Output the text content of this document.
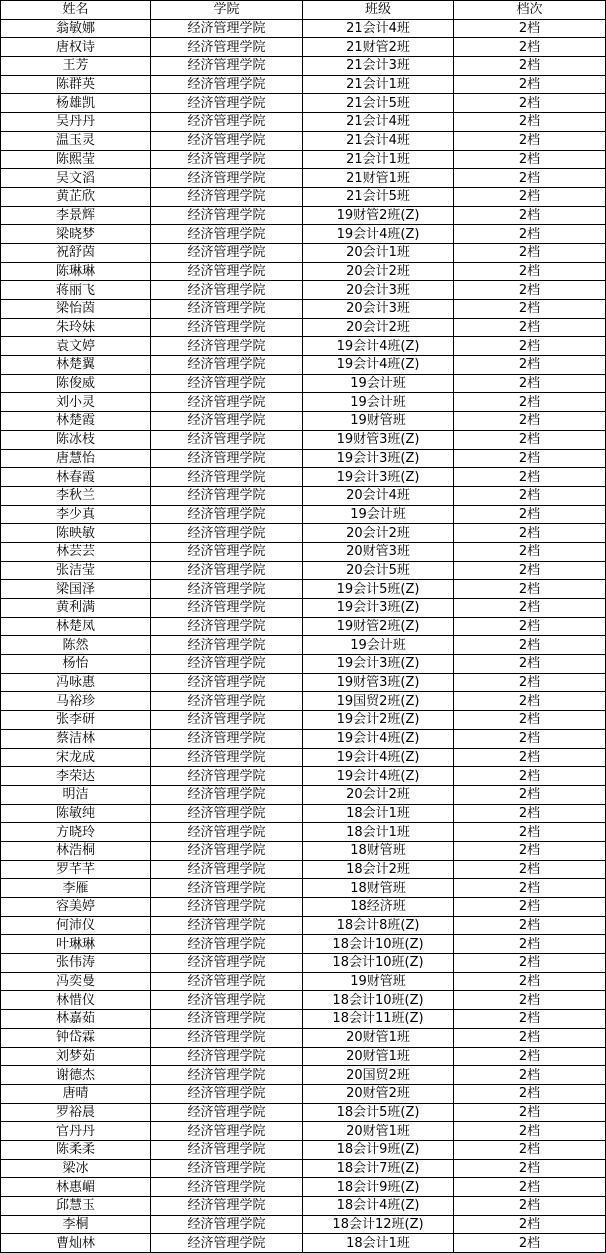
姓名	学院	班级	档次
翁敏娜	经济管理学院	21会计4班	2档
唐权诗	经济管理学院	21财管2班	2档
王芳	经济管理学院	21会计3班	2档
陈群英	经济管理学院	21会计1班	2档
杨雄凯	经济管理学院	21会计5班	2档
吴丹丹	经济管理学院	21会计4班	2档
温玉灵	经济管理学院	21会计4班	2档
陈熙莹	经济管理学院	21会计1班	2档
吴文滔	经济管理学院	21财管1班	2档
黄芷欣	经济管理学院	21会计5班	2档
李景辉	经济管理学院	19财管2班(Z)	2档
梁晓梦	经济管理学院	19会计4班(Z)	2档
祝舒茵	经济管理学院	20会计1班	2档
陈琳琳	经济管理学院	20会计2班	2档
蒋丽飞	经济管理学院	20会计3班	2档
梁怡茵	经济管理学院	20会计3班	2档
朱玲妹	经济管理学院	20会计2班	2档
袁文婷	经济管理学院	19会计4班(Z)	2档
林楚翼	经济管理学院	19会计4班(Z)	2档
陈俊威	经济管理学院	19会计班	2档
刘小灵	经济管理学院	19会计班	2档
林楚霞	经济管理学院	19财管班	2档
陈冰枝	经济管理学院	19财管3班(Z)	2档
唐慧怡	经济管理学院	19会计3班(Z)	2档
林春霞	经济管理学院	19会计3班(Z)	2档
李秋兰	经济管理学院	20会计4班	2档
李少真	经济管理学院	19会计班	2档
陈映敏	经济管理学院	20会计2班	2档
林芸芸	经济管理学院	20财管3班	2档
张洁莹	经济管理学院	20会计5班	2档
梁国泽	经济管理学院	19会计5班(Z)	2档
黄利满	经济管理学院	19会计3班(Z)	2档
林楚凤	经济管理学院	19财管2班(Z)	2档
陈然	经济管理学院	19会计班	2档
杨怡	经济管理学院	19会计3班(Z)	2档
冯咏惠	经济管理学院	19财管3班(Z)	2档
马裕珍	经济管理学院	19国贸2班(Z)	2档
张李研	经济管理学院	19会计2班(Z)	2档
蔡洁林	经济管理学院	19会计4班(Z)	2档
宋龙成	经济管理学院	19会计4班(Z)	2档
李荣达	经济管理学院	19会计4班(Z)	2档
明洁	经济管理学院	20会计2班	2档
陈敏纯	经济管理学院	18会计1班	2档
方晓玲	经济管理学院	18会计1班	2档
林浩桐	经济管理学院	18财管班	2档
罗芊芊	经济管理学院	18会计2班	2档
李雁	经济管理学院	18财管班	2档
容美婷	经济管理学院	18经济班	2档
何沛仪	经济管理学院	18会计8班(Z)	2档
叶琳琳	经济管理学院	18会计10班(Z)	2档
张伟涛	经济管理学院	18会计10班(Z)	2档
冯奕曼	经济管理学院	19财管班	2档
林惜仪	经济管理学院	18会计10班(Z)	2档
林嘉茹	经济管理学院	18会计11班(Z)	2档
钟岱霖	经济管理学院	20财管1班	2档
刘梦茹	经济管理学院	20财管1班	2档
谢德杰	经济管理学院	20国贸2班	2档
唐晴	经济管理学院	20财管2班	2档
罗裕晨	经济管理学院	18会计5班(Z)	2档
官丹丹	经济管理学院	20财管1班	2档
陈柔柔	经济管理学院	18会计9班(Z)	2档
梁冰	经济管理学院	18会计7班(Z)	2档
林惠嵋	经济管理学院	18会计9班(Z)	2档
邱慧玉	经济管理学院	18会计4班(Z)	2档
李桐	经济管理学院	18会计12班(Z)	2档
曹灿林	经济管理学院	18会计1班	2档
